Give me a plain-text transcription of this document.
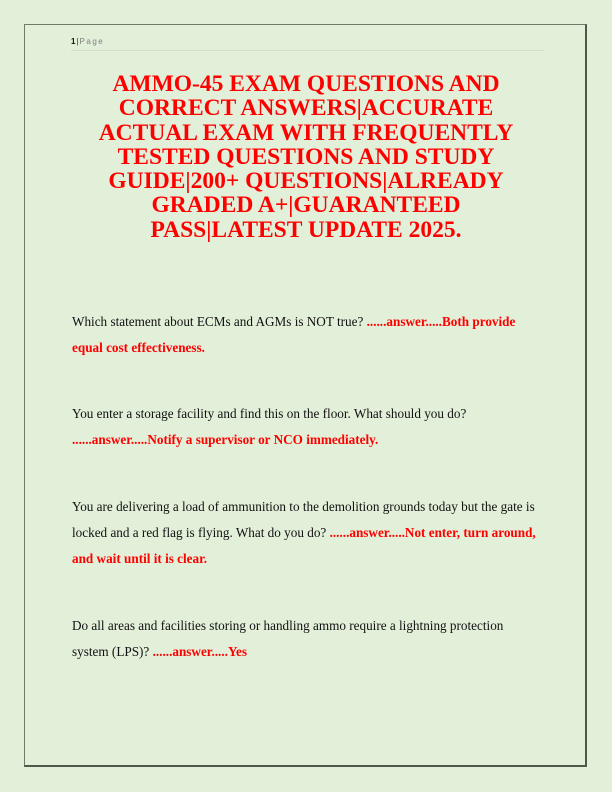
1|Page
AMMO-45 EXAM QUESTIONS AND CORRECT ANSWERS|ACCURATE ACTUAL EXAM WITH FREQUENTLY TESTED QUESTIONS AND STUDY GUIDE|200+ QUESTIONS|ALREADY GRADED A+|GUARANTEED PASS|LATEST UPDATE 2025.
Which statement about ECMs and AGMs is NOT true? ......answer.....Both provide equal cost effectiveness.
You enter a storage facility and find this on the floor. What should you do? ......answer.....Notify a supervisor or NCO immediately.
You are delivering a load of ammunition to the demolition grounds today but the gate is locked and a red flag is flying. What do you do? ......answer.....Not enter, turn around, and wait until it is clear.
Do all areas and facilities storing or handling ammo require a lightning protection system (LPS)? ......answer.....Yes
